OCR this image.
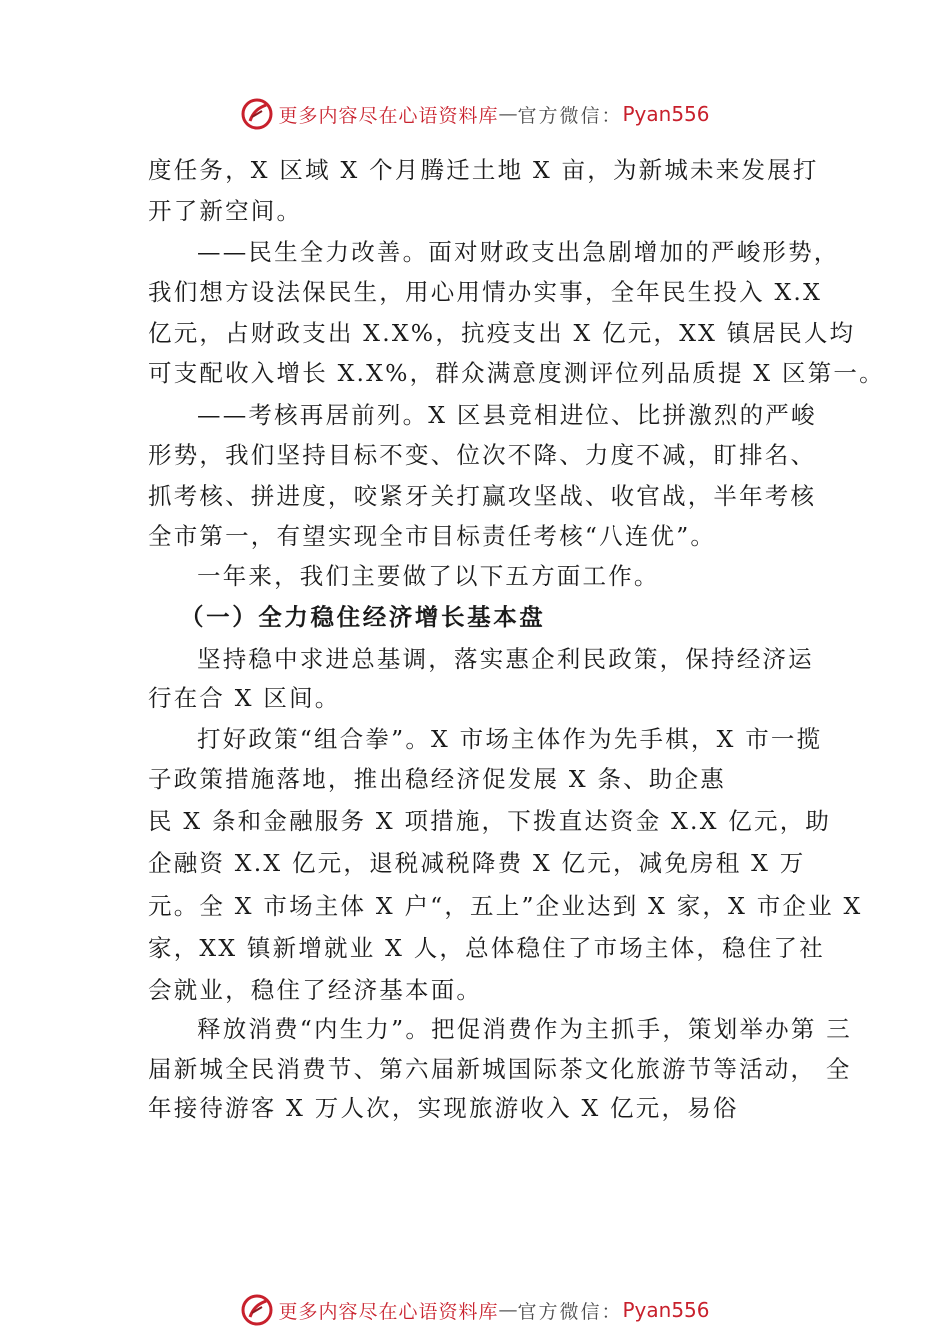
更多内容尽在心语资料库 — 官方微信： Pyan556
度任务，X 区域 X 个月腾迁土地 X 亩，为新城未来发展打
开了新空间。
——民生全力改善。面对财政支出急剧增加的严峻形势，
我们想方设法保民生，用心用情办实事，全年民生投入 X.X
亿元，占财政支出 X.X%，抗疫支出 X 亿元，XX 镇居民人均
可支配收入增长 X.X%，群众满意度测评位列品质提 X 区第一。
——考核再居前列。X 区县竞相进位、比拼激烈的严峻
形势，我们坚持目标不变、位次不降、力度不减，盯排名、
抓考核、拼进度，咬紧牙关打赢攻坚战、收官战，半年考核
全市第一，有望实现全市目标责任考核“八连优”。
一年来，我们主要做了以下五方面工作。
（一）全力稳住经济增长基本盘
坚持稳中求进总基调，落实惠企利民政策，保持经济运
行在合 X 区间。
打好政策“组合拳”。X 市场主体作为先手棋，X 市一揽
子政策措施落地，推出稳经济促发展 X 条、助企惠
民 X 条和金融服务 X 项措施，下拨直达资金 X.X 亿元，助
企融资 X.X 亿元，退税减税降费 X 亿元，减免房租 X 万
元。全 X 市场主体 X 户“，五上”企业达到 X 家，X 市企业 X
家，XX 镇新增就业 X 人，总体稳住了市场主体，稳住了社
会就业，稳住了经济基本面。
释放消费“内生力”。把促消费作为主抓手，策划举办第 三
届新城全民消费节、第六届新城国际茶文化旅游节等活动， 全
年接待游客 X 万人次，实现旅游收入 X 亿元，易俗
更多内容尽在心语资料库 — 官方微信： Pyan556
